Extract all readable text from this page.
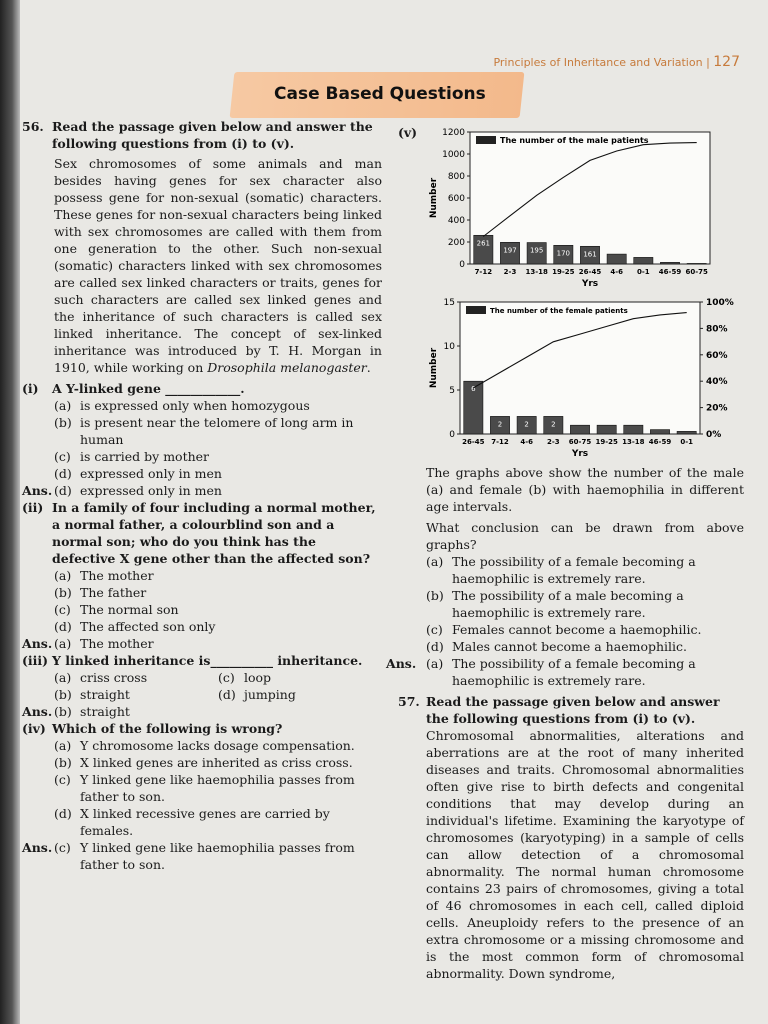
Principles of Inheritance and Variation | 127
Case Based Questions
56. Read the passage given below and answer the following questions from (i) to (v).

Sex chromosomes of some animals and man besides having genes for sex character also possess gene for non-sexual (somatic) characters. These genes for non-sexual characters being linked with sex chromosomes are called with them from one generation to the other. Such non-sexual (somatic) characters linked with sex chromosomes are called sex linked characters or traits, genes for such characters are called sex linked genes and the inheritance of such characters is called sex linked inheritance. The concept of sex-linked inheritance was introduced by T. H. Morgan in 1910, while working on Drosophila melanogaster.

(i)	A Y-linked gene ____________.
(a) is expressed only when homozygous
(b) is present near the telomere of long arm in human
(c) is carried by mother
(d) expressed only in men
Ans. (d) expressed only in men
(ii) In a family of four including a normal mother, a normal father, a colourblind son and a normal son; who do you think has the defective X gene other than the affected son?
(a) The mother
(b) The father
(c) The normal son
(d) The affected son only
Ans. (a) The mother
(iii) Y linked inheritance is__________ inheritance.
(a) criss cross	(c) loop
(b) straight	(d) jumping
Ans. (b) straight
(iv) Which of the following is wrong?
(a) Y chromosome lacks dosage compensation.
(b) X linked genes are inherited as criss cross.
(c) Y linked gene like haemophilia passes from father to son.
(d) X linked recessive genes are carried by females.
Ans. (c) Y linked gene like haemophilia passes from father to son.
(v)
0
200
400
600
800
1000
1200
The number of the male patients
261
7-12
197
2-3
195
13-18
170
19-25
161
26-45 4-6 0-1 46-59 60-75
Yrs
Number
0
5
10
15
0%
20%
40%
60%
80%
100%
The number of the female patients
6
26-45
2
7-12
2
4-6
2
2-3 60-75 19-25 13-18 46-59 0-1
Yrs
Number

The graphs above show the number of the male (a) and female (b) with haemophilia in different age intervals.

What conclusion can be drawn from above graphs?

(a) The possibility of a female becoming a haemophilic is extremely rare.
(b) The possibility of a male becoming a haemophilic is extremely rare.
(c) Females cannot become a haemophilic.
(d) Males cannot become a haemophilic.
Ans. (a) The possibility of a female becoming a haemophilic is extremely rare.
57. Read the passage given below and answer the following questions from (i) to (v).

Chromosomal abnormalities, alterations and aberrations are at the root of many inherited diseases and traits. Chromosomal abnormalities often give rise to birth defects and congenital conditions that may develop during an individual's lifetime. Examining the karyotype of chromosomes (karyotyping) in a sample of cells can allow detection of a chromosomal abnormality. The normal human chromosome contains 23 pairs of chromosomes, giving a total of 46 chromosomes in each cell, called diploid cells. Aneuploidy refers to the presence of an extra chromosome or a missing chromosome and is the most common form of chromosomal abnormality. Down syndrome,
